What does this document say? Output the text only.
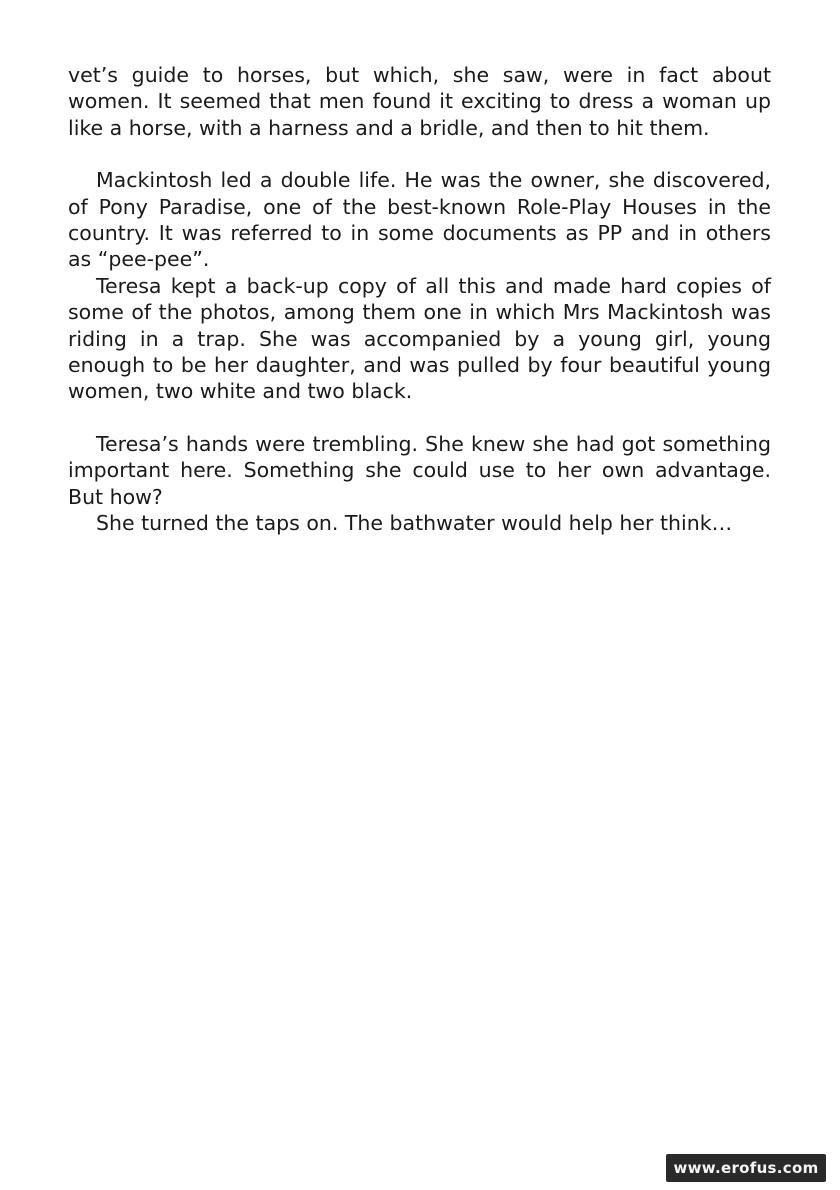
vet’s guide to horses, but which, she saw, were in fact about women. It seemed that men found it exciting to dress a woman up like a horse, with a harness and a bridle, and then to hit them.

Mackintosh led a double life. He was the owner, she discovered, of Pony Paradise, one of the best-known Role-Play Houses in the country. It was referred to in some documents as PP and in others as “pee-pee”.

Teresa kept a back-up copy of all this and made hard copies of some of the photos, among them one in which Mrs Mackintosh was riding in a trap. She was accompanied by a young girl, young enough to be her daughter, and was pulled by four beautiful young women, two white and two black.

Teresa’s hands were trembling. She knew she had got something important here. Something she could use to her own advantage. But how?

She turned the taps on. The bathwater would help her think…

www.erofus.com
